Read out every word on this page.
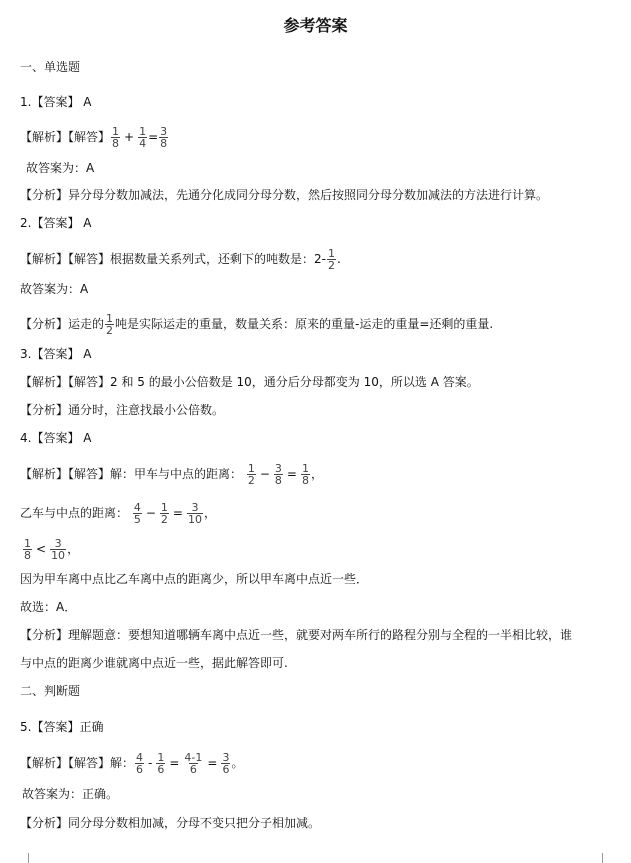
参考答案
一、单选题
1.【答案】 A
【解析】【解答】 $\frac{1}{8} + \frac{1}{4} = \frac{3}{8}$
故答案为：A
【分析】异分母分数加减法，先通分化成同分母分数，然后按照同分母分数加减法的方法进行计算。
2.【答案】 A
【解析】【解答】根据数量关系列式，还剩下的吨数是：$2- \frac{1}{2}$ .
故答案为：A
【分析】运走的 $\frac{1}{2}$ 吨是实际运走的重量，数量关系：原来的重量-运走的重量=还剩的重量.
3.【答案】 A
【解析】【解答】2 和 5 的最小公倍数是 10，通分后分母都变为 10，所以选 A 答案。
【分析】通分时，注意找最小公倍数。
4.【答案】 A
【解析】【解答】解：甲车与中点的距离： $\frac{1}{2} - \frac{3}{8} = \frac{1}{8}$ ，
乙车与中点的距离： $\frac{4}{5} - \frac{1}{2} = \frac{3}{10}$ ，
$\frac{1}{8} < \frac{3}{10}$ ，
因为甲车离中点比乙车离中点的距离少，所以甲车离中点近一些．
故选：A．
【分析】理解题意：要想知道哪辆车离中点近一些，就要对两车所行的路程分别与全程的一半相比较，谁
与中点的距离少谁就离中点近一些，据此解答即可.
二、判断题
5.【答案】正确
【解析】【解答】解： $\frac{4}{6} - \frac{1}{6} = \frac{4-1}{6} = \frac{3}{6}$ 。
故答案为：正确。
【分析】同分母分数相加减，分母不变只把分子相加减。
